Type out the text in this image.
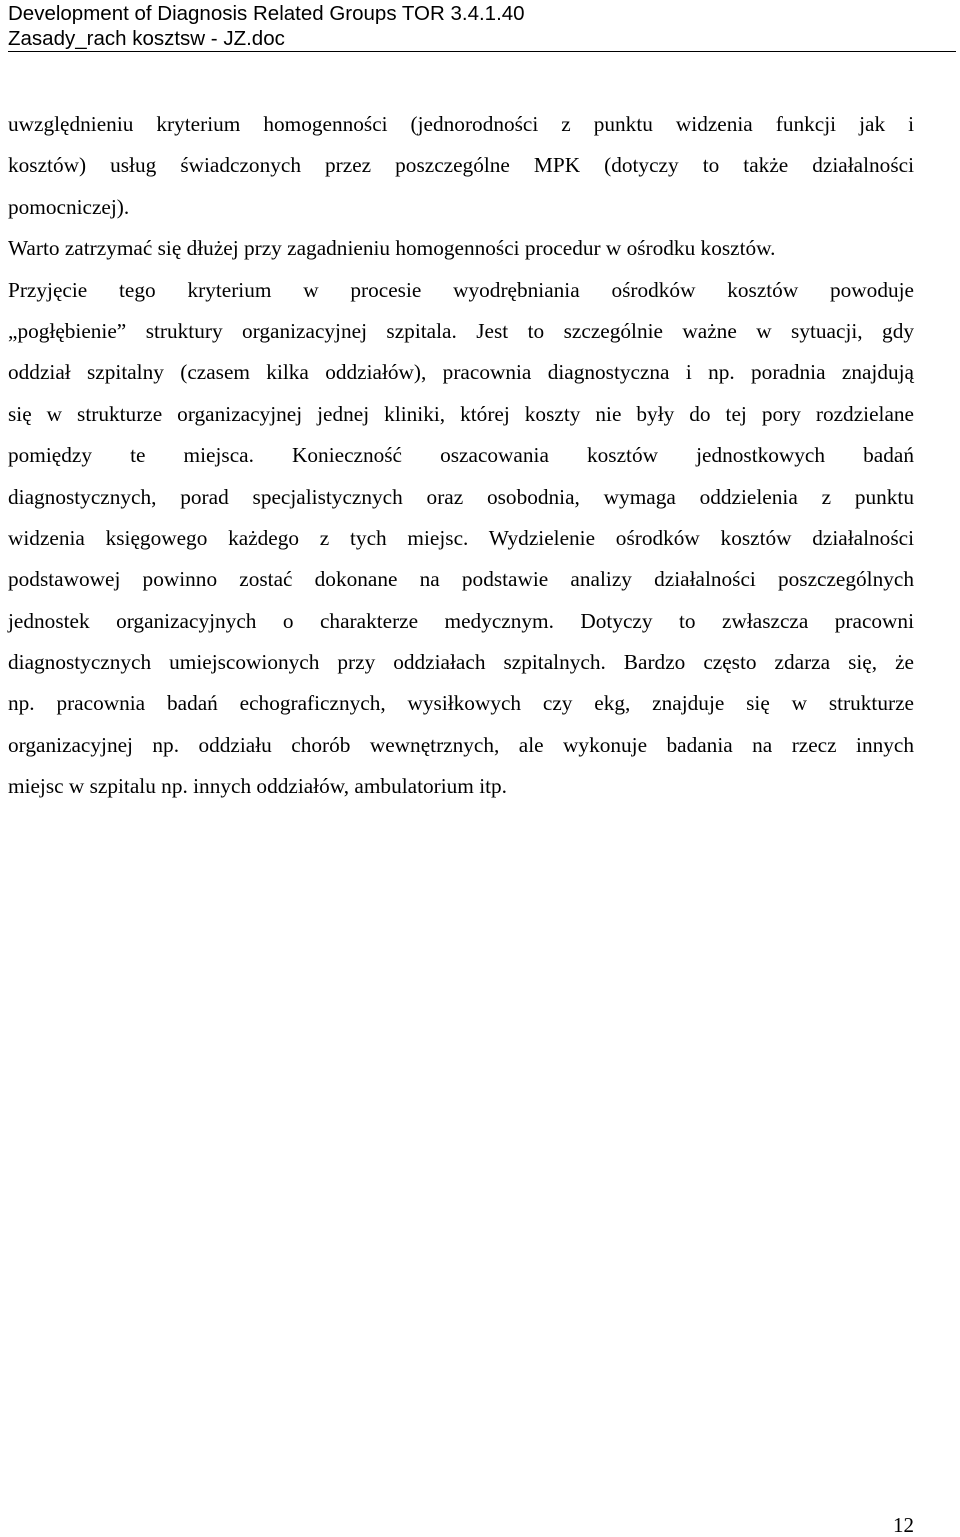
Development of Diagnosis Related Groups TOR 3.4.1.40
Zasady_rach kosztsw - JZ.doc
uwzględnieniu kryterium homogenności (jednorodności z punktu widzenia funkcji jak i
kosztów) usług świadczonych przez poszczególne MPK (dotyczy to także działalności
pomocniczej).
Warto zatrzymać się dłużej przy zagadnieniu homogenności procedur w ośrodku kosztów.
Przyjęcie tego kryterium w procesie wyodrębniania ośrodków kosztów powoduje
„pogłębienie” struktury organizacyjnej szpitala. Jest to szczególnie ważne w sytuacji, gdy
oddział szpitalny (czasem kilka oddziałów), pracownia diagnostyczna i np. poradnia znajdują
się w strukturze organizacyjnej jednej kliniki, której koszty nie były do tej pory rozdzielane
pomiędzy te miejsca. Konieczność oszacowania kosztów jednostkowych badań
diagnostycznych, porad specjalistycznych oraz osobodnia, wymaga oddzielenia z punktu
widzenia księgowego każdego z tych miejsc. Wydzielenie ośrodków kosztów działalności
podstawowej powinno zostać dokonane na podstawie analizy działalności poszczególnych
jednostek organizacyjnych o charakterze medycznym. Dotyczy to zwłaszcza pracowni
diagnostycznych umiejscowionych przy oddziałach szpitalnych. Bardzo często zdarza się, że
np. pracownia badań echograficznych, wysiłkowych czy ekg, znajduje się w strukturze
organizacyjnej np. oddziału chorób wewnętrznych, ale wykonuje badania na rzecz innych
miejsc w szpitalu np. innych oddziałów, ambulatorium itp.
12
